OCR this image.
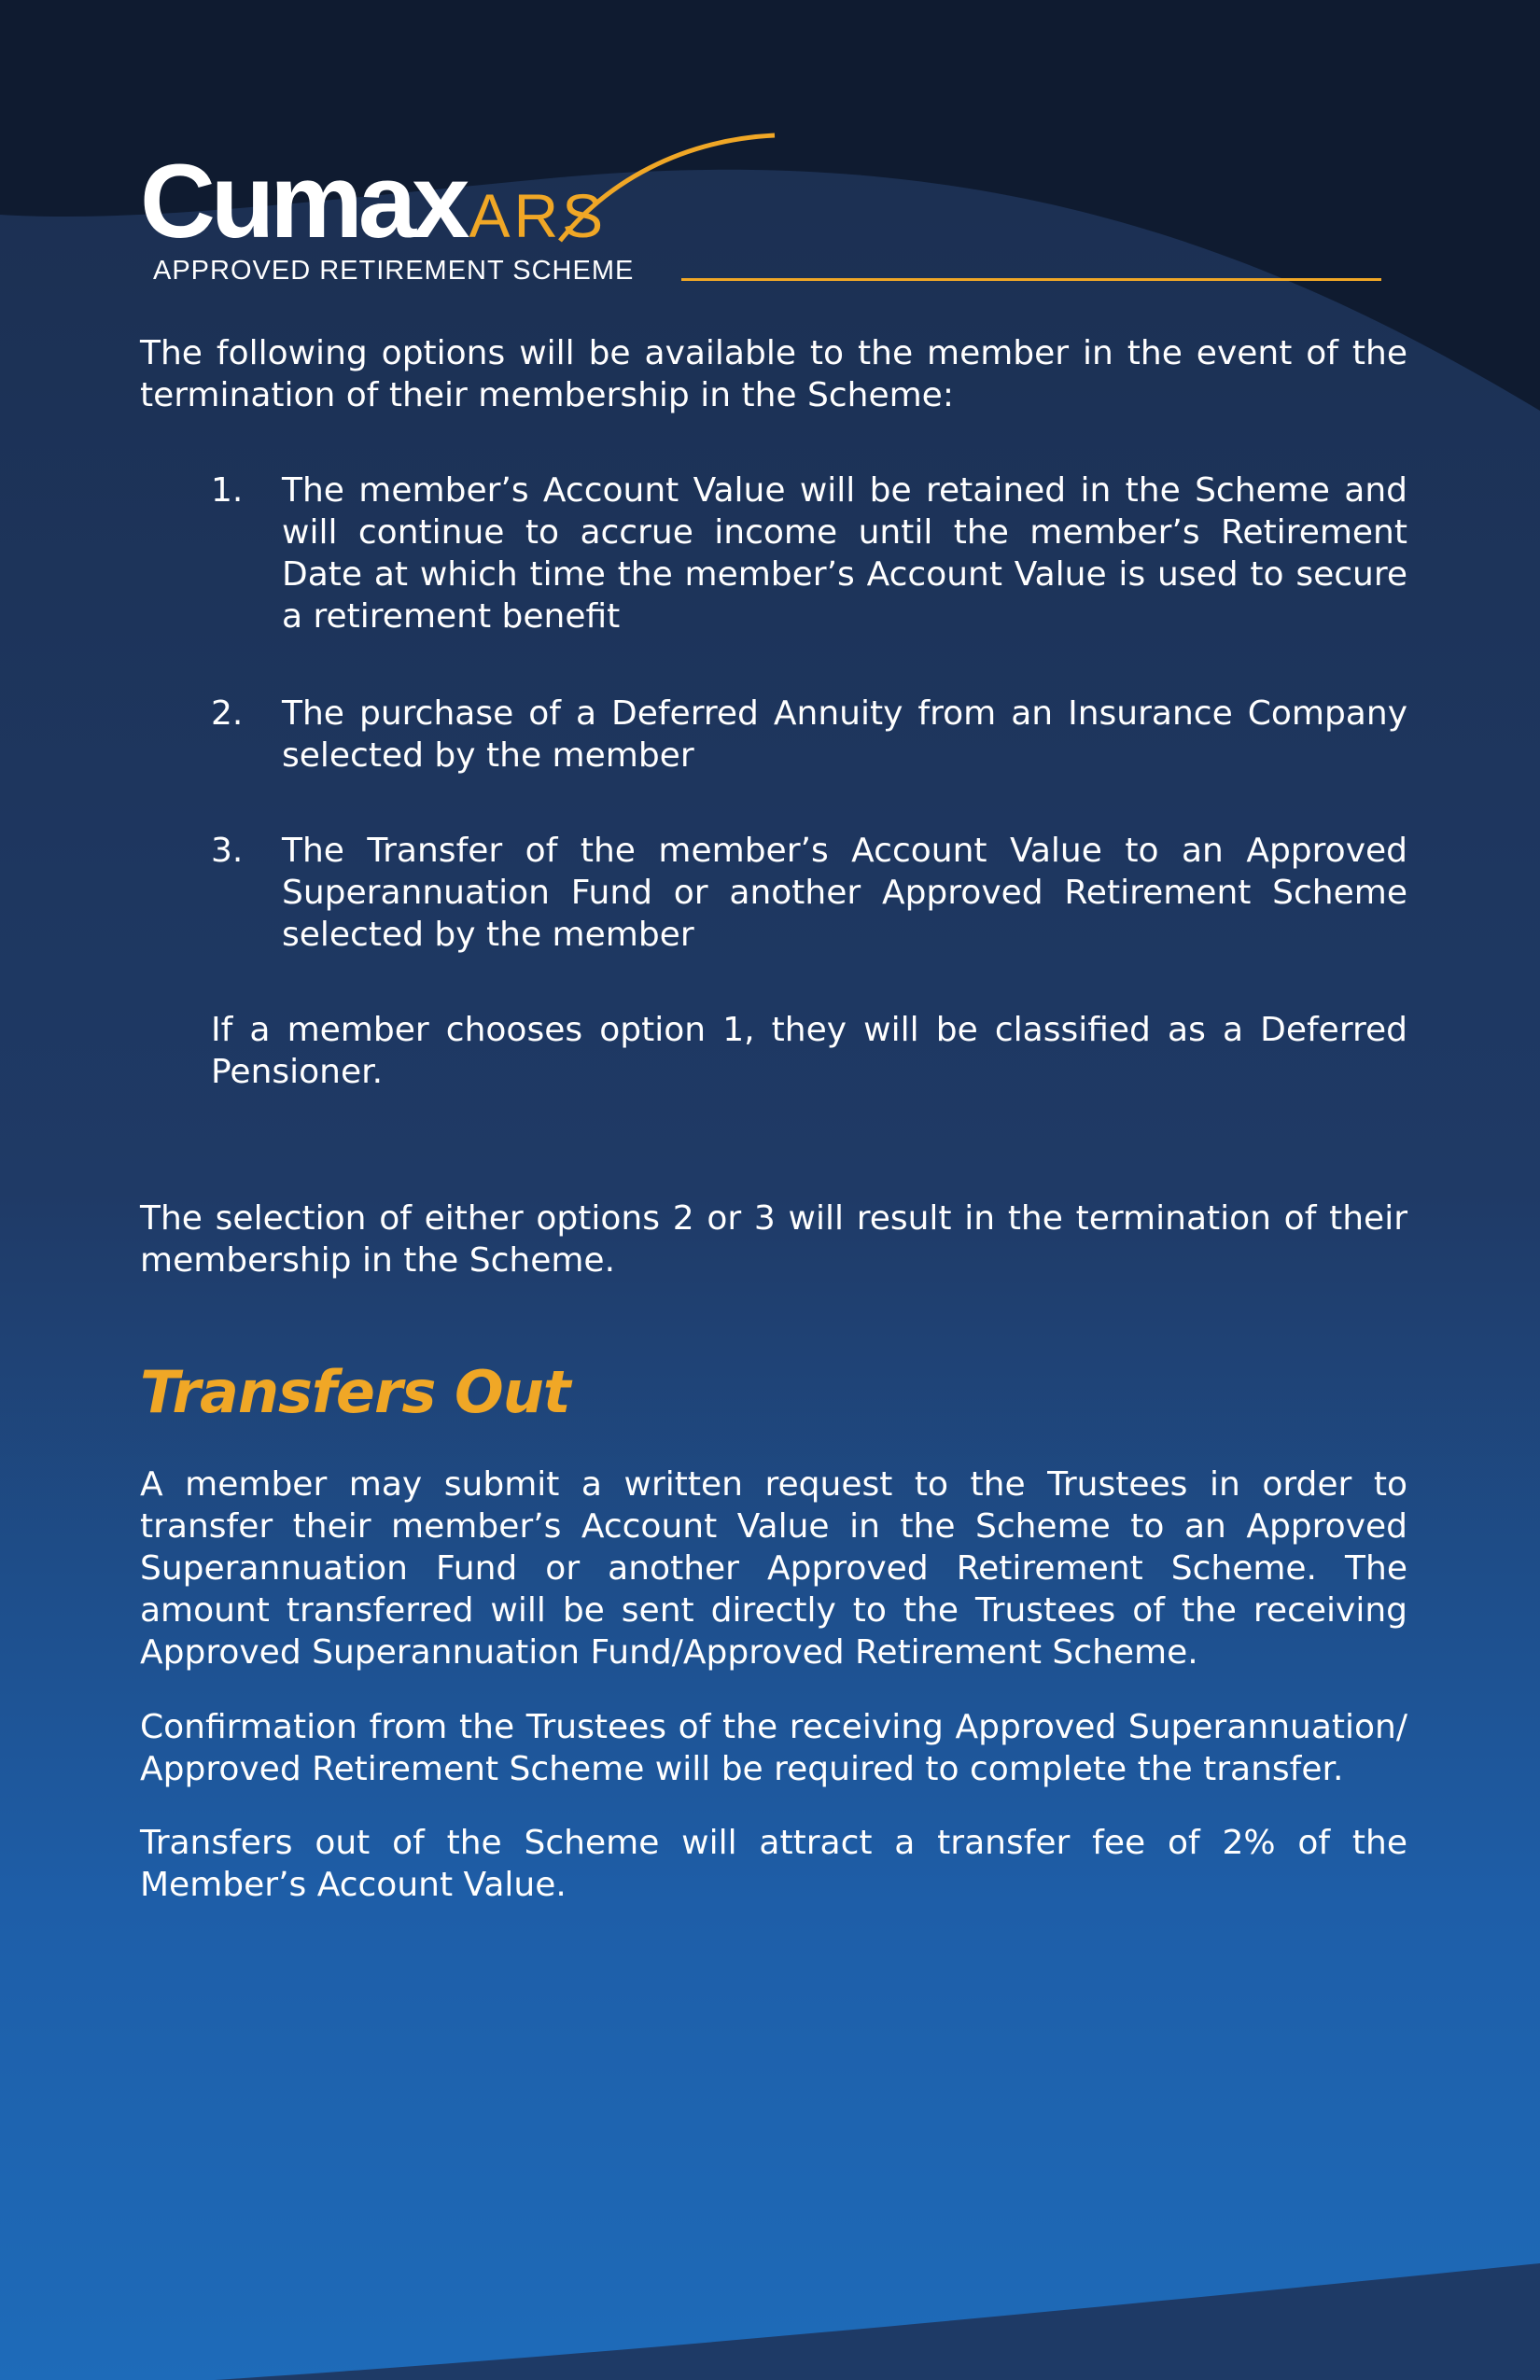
CumaxARS
APPROVED RETIREMENT SCHEME

The following options will be available to the member in the event of the termination of their membership in the Scheme:

1.	The member’s Account Value will be retained in the Scheme and will continue to accrue income until the member’s Retirement Date at which time the member’s Account Value is used to secure a retirement benefit
2.	The purchase of a Deferred Annuity from an Insurance Company selected by the member
3.	The Transfer of the member’s Account Value to an Approved Superannuation Fund or another Approved Retirement Scheme selected by the member

If a member chooses option 1, they will be classified as a Deferred Pensioner.

The selection of either options 2 or 3 will result in the termination of their membership in the Scheme.

Transfers Out

A member may submit a written request to the Trustees in order to transfer their member’s Account Value in the Scheme to an Approved Superannuation Fund or another Approved Retirement Scheme. The amount transferred will be sent directly to the Trustees of the receiving Approved Superannuation Fund/Approved Retirement Scheme.

Confirmation from the Trustees of the receiving Approved Superannuation/ Approved Retirement Scheme will be required to complete the transfer.

Transfers out of the Scheme will attract a transfer fee of 2% of the Member’s Account Value.
